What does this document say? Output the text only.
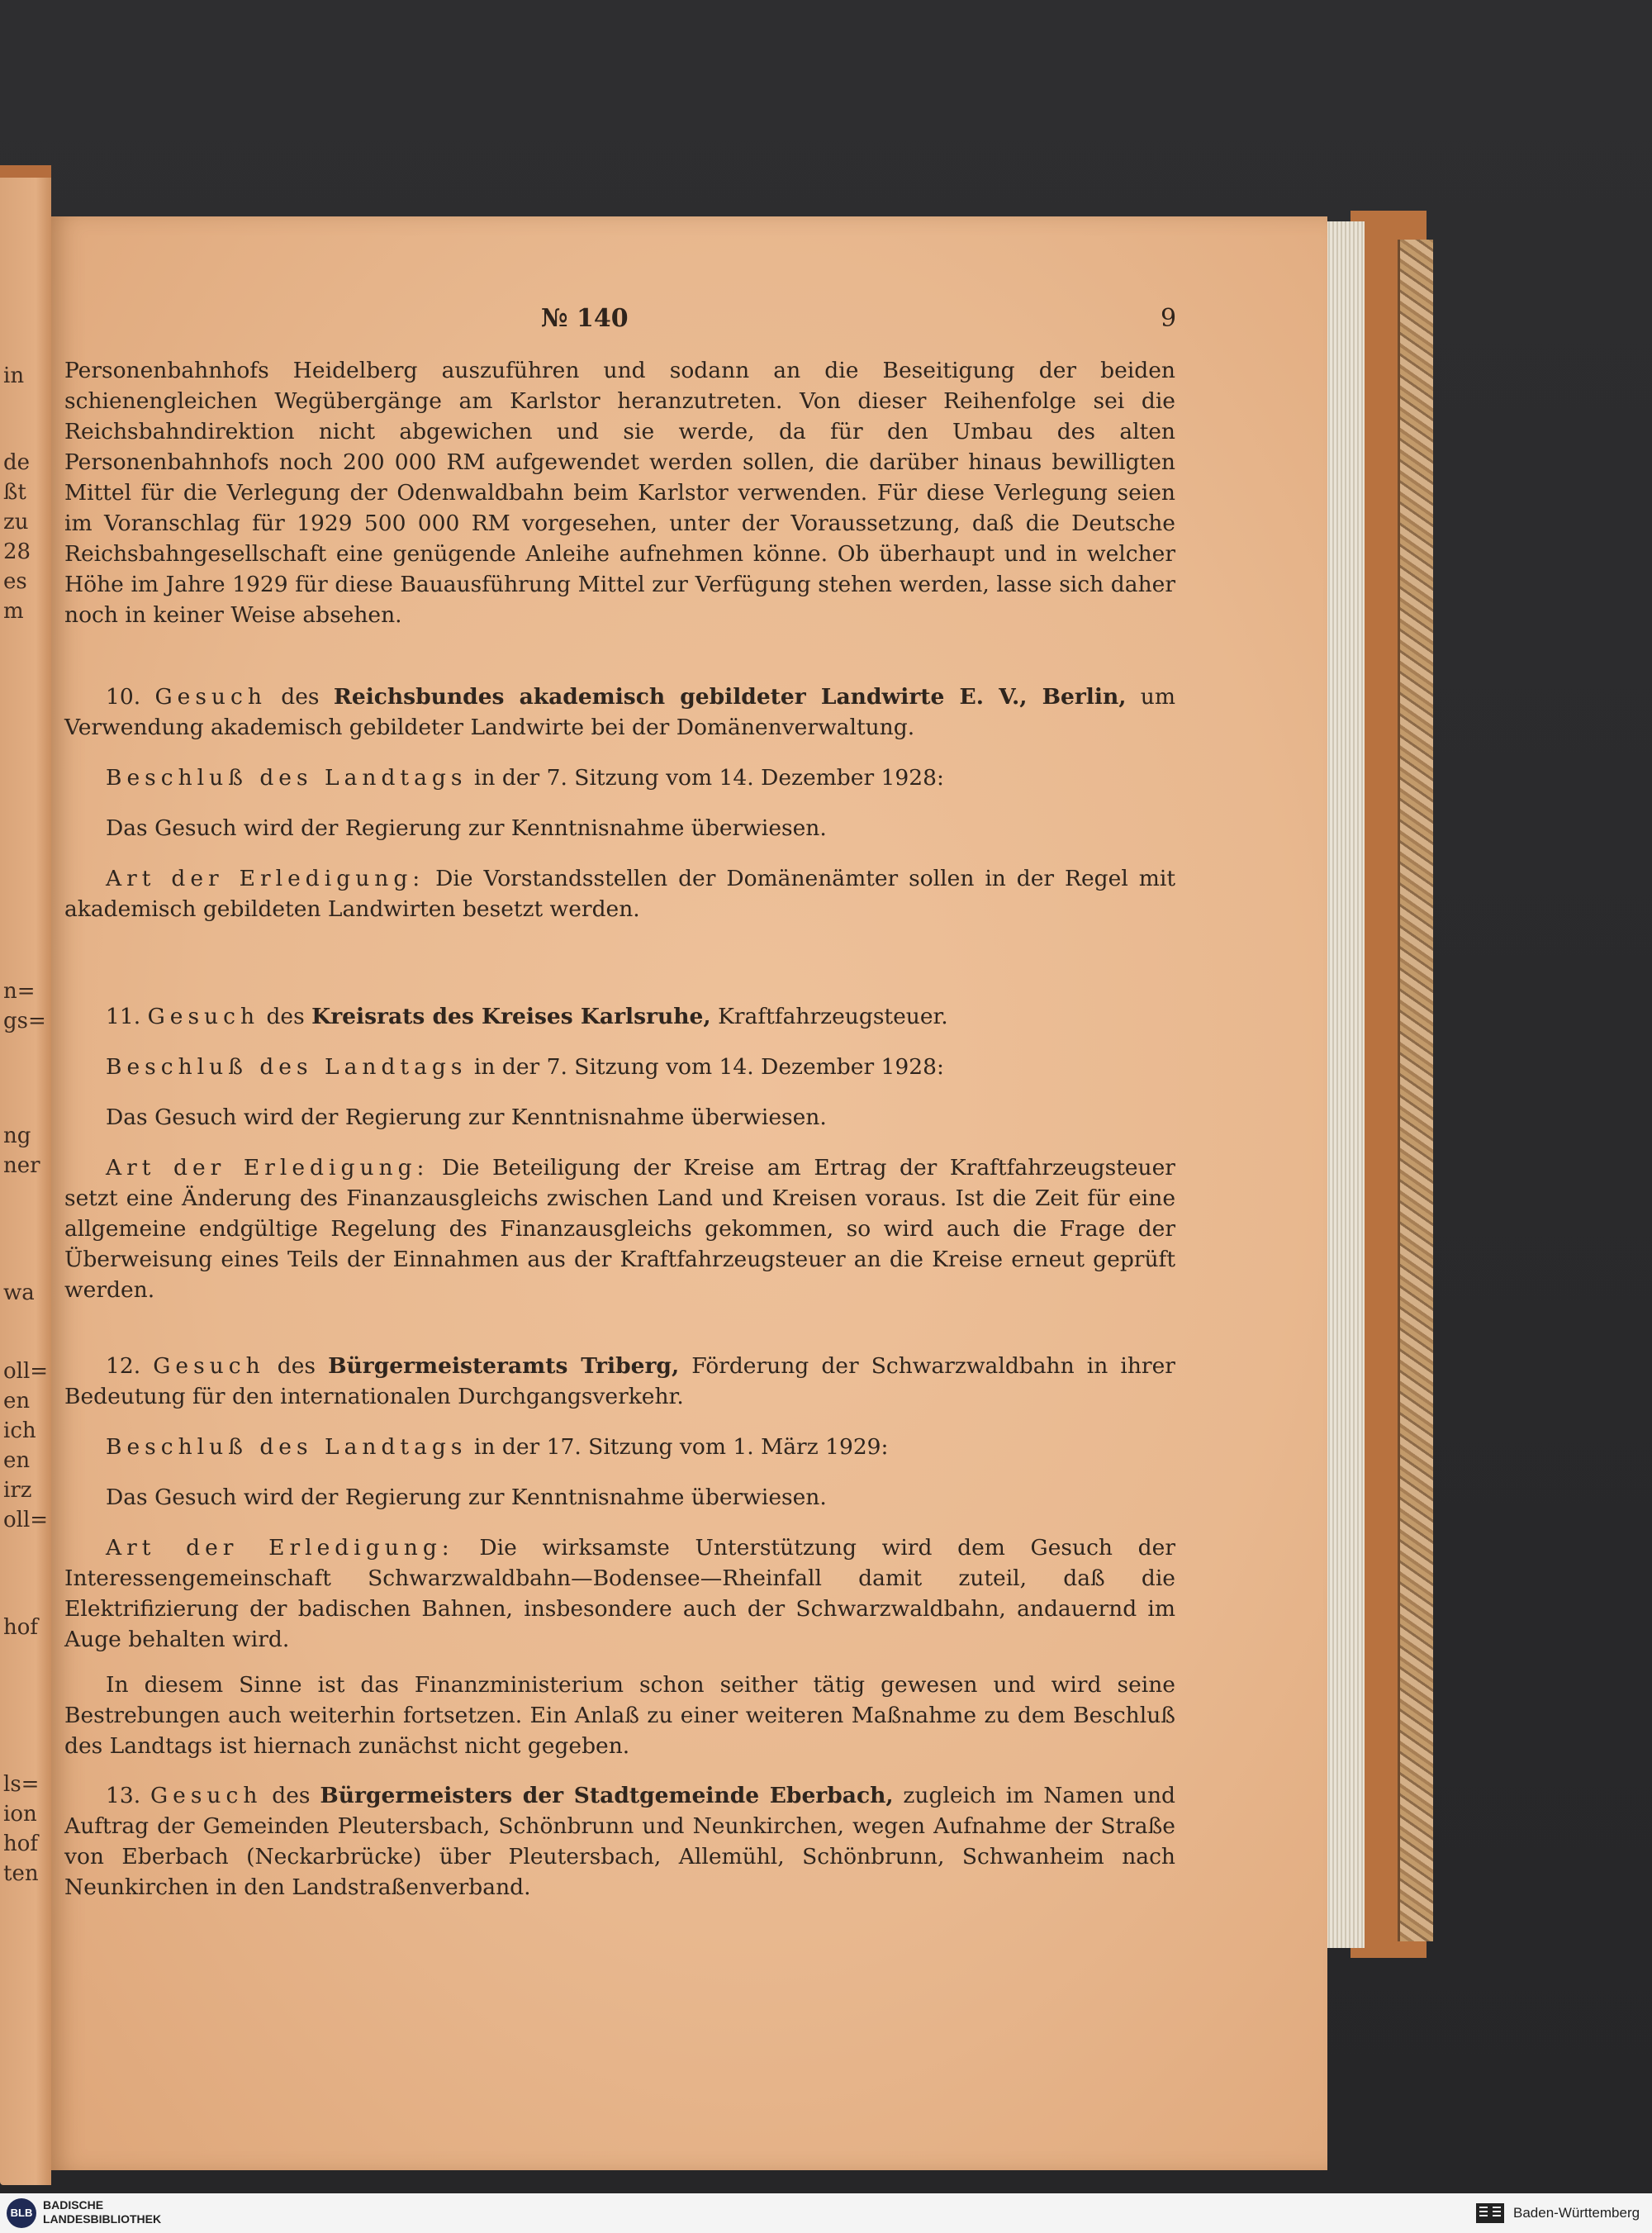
in
de
ßt
zu
28
es
m
n=
gs=
ng
ner
wa
oll=
en
ich
en
irz
oll=
hof
ls=
ion
hof
ten
№ 140	9

Personenbahnhofs Heidelberg auszuführen und sodann an die Beseitigung der beiden schienengleichen Wegübergänge am Karlstor heranzutreten. Von dieser Reihenfolge sei die Reichsbahndirektion nicht abgewichen und sie werde, da für den Umbau des alten Personenbahnhofs noch 200 000 RM aufgewendet werden sollen, die darüber hinaus bewilligten Mittel für die Verlegung der Odenwaldbahn beim Karlstor verwenden. Für diese Verlegung seien im Voranschlag für 1929 500 000 RM vorgesehen, unter der Voraussetzung, daß die Deutsche Reichsbahngesellschaft eine genügende Anleihe aufnehmen könne. Ob überhaupt und in welcher Höhe im Jahre 1929 für diese Bauausführung Mittel zur Verfügung stehen werden, lasse sich daher noch in keiner Weise absehen.

10. Gesuch des Reichsbundes akademisch gebildeter Landwirte E. V., Berlin, um Verwendung akademisch gebildeter Landwirte bei der Domänenverwaltung.

Beschluß des Landtags in der 7. Sitzung vom 14. Dezember 1928:

Das Gesuch wird der Regierung zur Kenntnisnahme überwiesen.

Art der Erledigung: Die Vorstandsstellen der Domänenämter sollen in der Regel mit akademisch gebildeten Landwirten besetzt werden.

11. Gesuch des Kreisrats des Kreises Karlsruhe, Kraftfahrzeugsteuer.

Beschluß des Landtags in der 7. Sitzung vom 14. Dezember 1928:

Das Gesuch wird der Regierung zur Kenntnisnahme überwiesen.

Art der Erledigung: Die Beteiligung der Kreise am Ertrag der Kraftfahrzeugsteuer setzt eine Änderung des Finanzausgleichs zwischen Land und Kreisen voraus. Ist die Zeit für eine allgemeine endgültige Regelung des Finanzausgleichs gekommen, so wird auch die Frage der Überweisung eines Teils der Einnahmen aus der Kraftfahrzeugsteuer an die Kreise erneut geprüft werden.

12. Gesuch des Bürgermeisteramts Triberg, Förderung der Schwarzwaldbahn in ihrer Bedeutung für den internationalen Durchgangsverkehr.

Beschluß des Landtags in der 17. Sitzung vom 1. März 1929:

Das Gesuch wird der Regierung zur Kenntnisnahme überwiesen.

Art der Erledigung: Die wirksamste Unterstützung wird dem Gesuch der Interessengemeinschaft Schwarzwaldbahn—Bodensee—Rheinfall damit zuteil, daß die Elektrifizierung der badischen Bahnen, insbesondere auch der Schwarzwaldbahn, andauernd im Auge behalten wird.

In diesem Sinne ist das Finanzministerium schon seither tätig gewesen und wird seine Bestrebungen auch weiterhin fortsetzen. Ein Anlaß zu einer weiteren Maßnahme zu dem Beschluß des Landtags ist hiernach zunächst nicht gegeben.

13. Gesuch des Bürgermeisters der Stadtgemeinde Eberbach, zugleich im Namen und Auftrag der Gemeinden Pleutersbach, Schönbrunn und Neunkirchen, wegen Aufnahme der Straße von Eberbach (Neckarbrücke) über Pleutersbach, Allemühl, Schönbrunn, Schwanheim nach Neunkirchen in den Landstraßenverband.

BLB
BADISCHE
LANDESBIBLIOTHEK	Baden-Württemberg
